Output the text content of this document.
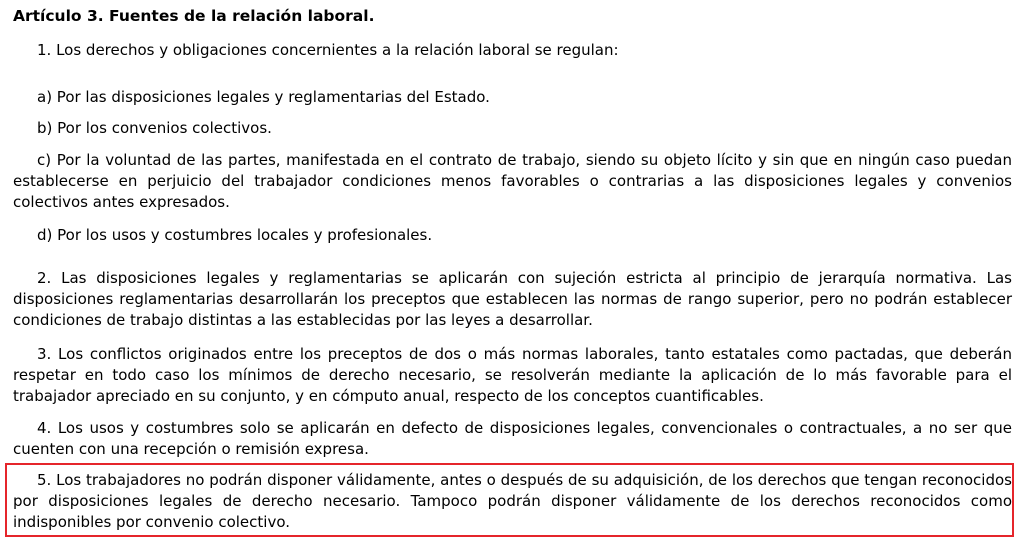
Artículo 3. Fuentes de la relación laboral.

1. Los derechos y obligaciones concernientes a la relación laboral se regulan:

a) Por las disposiciones legales y reglamentarias del Estado.

b) Por los convenios colectivos.

c) Por la voluntad de las partes, manifestada en el contrato de trabajo, siendo su objeto lícito y sin que en ningún caso puedan establecerse en perjuicio del trabajador condiciones menos favorables o contrarias a las disposiciones legales y convenios colectivos antes expresados.

d) Por los usos y costumbres locales y profesionales.

2. Las disposiciones legales y reglamentarias se aplicarán con sujeción estricta al principio de jerarquía normativa. Las disposiciones reglamentarias desarrollarán los preceptos que establecen las normas de rango superior, pero no podrán establecer condiciones de trabajo distintas a las establecidas por las leyes a desarrollar.

3. Los conflictos originados entre los preceptos de dos o más normas laborales, tanto estatales como pactadas, que deberán respetar en todo caso los mínimos de derecho necesario, se resolverán mediante la aplicación de lo más favorable para el trabajador apreciado en su conjunto, y en cómputo anual, respecto de los conceptos cuantificables.

4. Los usos y costumbres solo se aplicarán en defecto de disposiciones legales, convencionales o contractuales, a no ser que cuenten con una recepción o remisión expresa.

5. Los trabajadores no podrán disponer válidamente, antes o después de su adquisición, de los derechos que tengan reconocidos por disposiciones legales de derecho necesario. Tampoco podrán disponer válidamente de los derechos reconocidos como indisponibles por convenio colectivo.
